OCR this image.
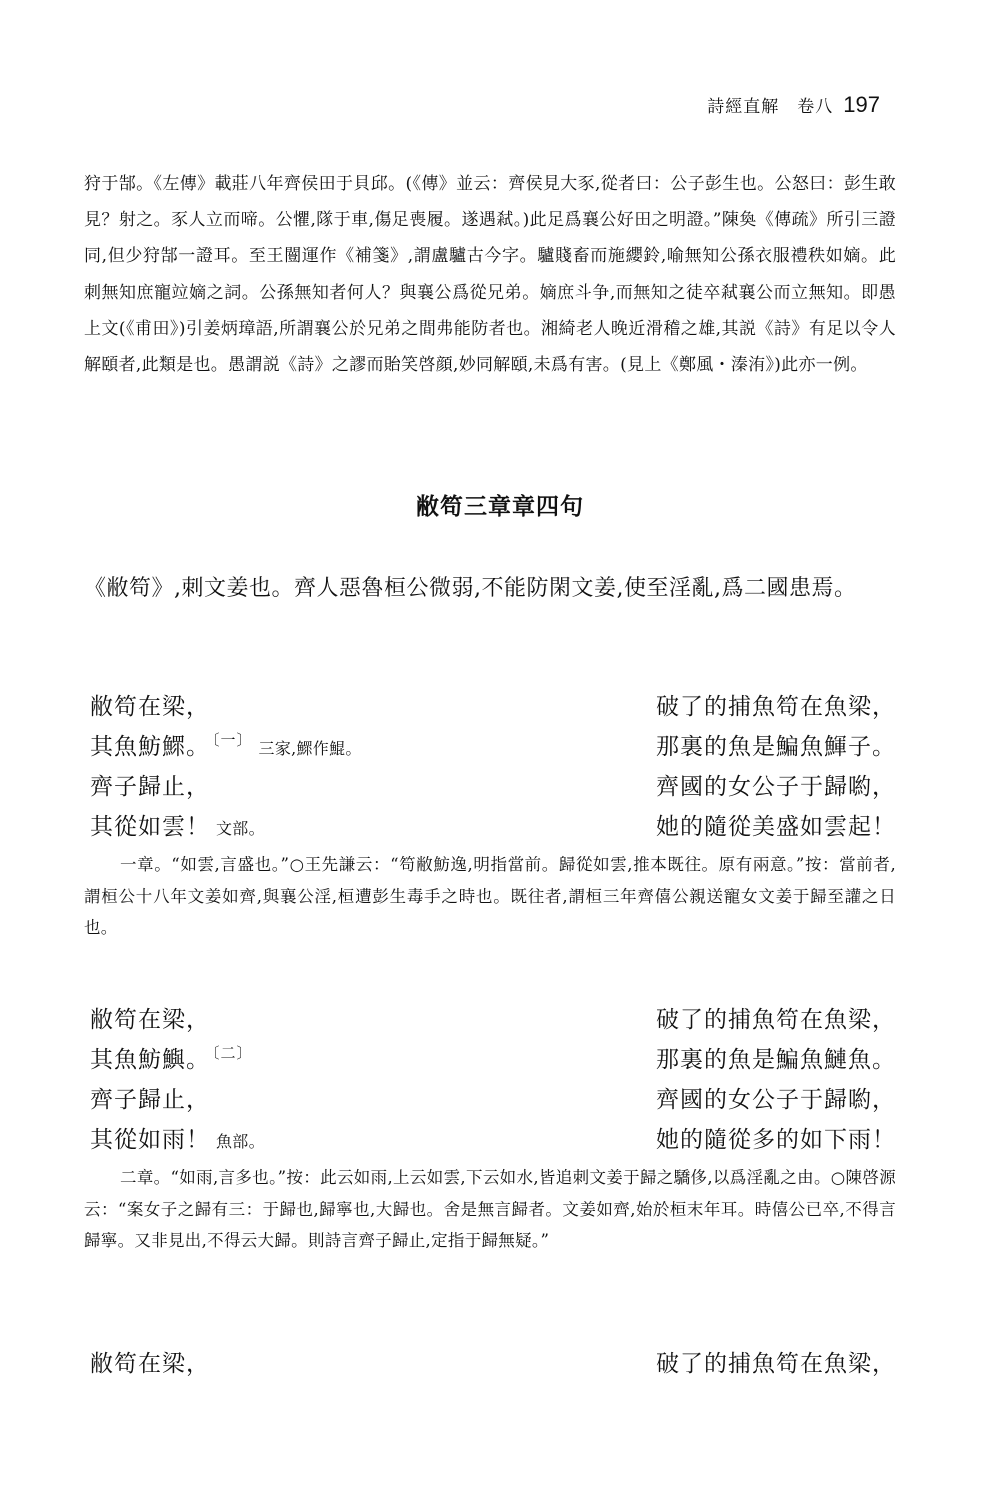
詩經直解　卷八 197

狩于郜。《左傳》載莊八年齊侯田于貝邱。(《傳》並云：齊侯見大豕,從者曰：公子彭生也。公怒曰：彭生敢見？射之。豕人立而啼。公懼,隊于車,傷足喪履。遂遇弒。)此足爲襄公好田之明證。”陳奐《傳疏》所引三證同,但少狩郜一證耳。至王闓運作《補箋》,謂盧驢古今字。驢賤畜而施纓鈴,喻無知公孫衣服禮秩如嫡。此刺無知庶寵竝嫡之詞。公孫無知者何人？與襄公爲從兄弟。嫡庶斗争,而無知之徒卒弒襄公而立無知。即愚上文(《甫田》)引姜炳璋語,所謂襄公於兄弟之間弗能防者也。湘綺老人晚近滑稽之雄,其説《詩》有足以令人解頤者,此類是也。愚謂説《詩》之謬而貽笑啓顔,妙同解頤,未爲有害。(見上《鄭風・溱洧》)此亦一例。

敝笱三章章四句

《敝笱》,刺文姜也。齊人惡魯桓公微弱,不能防閑文姜,使至淫亂,爲二國患焉。

敝笱在梁，	破了的捕魚笱在魚梁，
其魚魴鰥。 $^{〔一〕}$ 三家,鰥作鯤。	那裏的魚是鯿魚鯶子。
齊子歸止，	齊國的女公子于歸喲，
其從如雲！ 文部。	她的隨從美盛如雲起！

一章。“如雲,言盛也。”○王先謙云：“笱敝魴逸,明指當前。歸從如雲,推本既往。原有兩意。”按：當前者,謂桓公十八年文姜如齊,與襄公淫,桓遭彭生毒手之時也。既往者,謂桓三年齊僖公親送寵女文姜于歸至讙之日也。

敝笱在梁，	破了的捕魚笱在魚梁，
其魚魴鱮。 $^{〔二〕}$	那裏的魚是鯿魚鰱魚。
齊子歸止，	齊國的女公子于歸喲，
其從如雨！ 魚部。	她的隨從多的如下雨！

二章。“如雨,言多也。”按：此云如雨,上云如雲,下云如水,皆追刺文姜于歸之驕侈,以爲淫亂之由。○陳啓源云：“案女子之歸有三：于歸也,歸寧也,大歸也。舍是無言歸者。文姜如齊,始於桓末年耳。時僖公已卒,不得言歸寧。又非見出,不得云大歸。則詩言齊子歸止,定指于歸無疑。”

敝笱在梁，	破了的捕魚笱在魚梁，
